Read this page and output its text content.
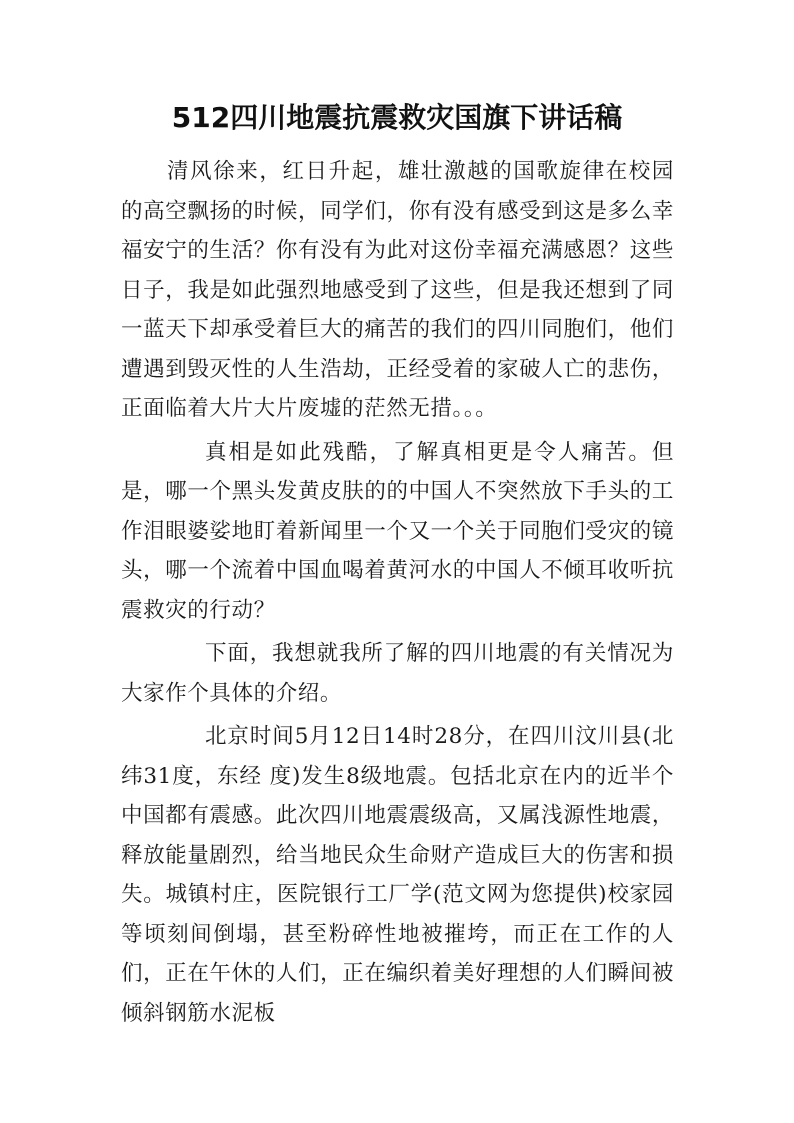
512四川地震抗震救灾国旗下讲话稿

清风徐来，红日升起，雄壮激越的国歌旋律在校园的高空飘扬的时候，同学们，你有没有感受到这是多么幸福安宁的生活？你有没有为此对这份幸福充满感恩？这些日子，我是如此强烈地感受到了这些，但是我还想到了同一蓝天下却承受着巨大的痛苦的我们的四川同胞们，他们遭遇到毁灭性的人生浩劫，正经受着的家破人亡的悲伤，正面临着大片大片废墟的茫然无措。。。

真相是如此残酷，了解真相更是令人痛苦。但是，哪一个黑头发黄皮肤的的中国人不突然放下手头的工作泪眼婆娑地盯着新闻里一个又一个关于同胞们受灾的镜头，哪一个流着中国血喝着黄河水的中国人不倾耳收听抗震救灾的行动？

下面，我想就我所了解的四川地震的有关情况为大家作个具体的介绍。

北京时间5月12日14时28分，在四川汶川县(北纬31度，东经 度)发生8级地震。包括北京在内的近半个中国都有震感。此次四川地震震级高，又属浅源性地震，释放能量剧烈，给当地民众生命财产造成巨大的伤害和损失。城镇村庄，医院银行工厂学(范文网为您提供)校家园等顷刻间倒塌，甚至粉碎性地被摧垮，而正在工作的人们，正在午休的人们，正在编织着美好理想的人们瞬间被倾斜钢筋水泥板
